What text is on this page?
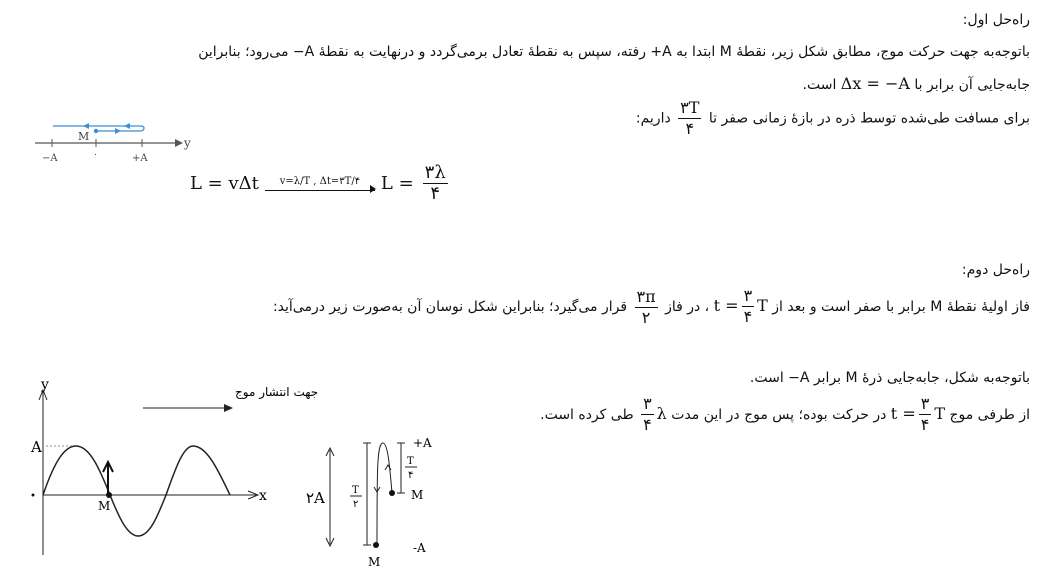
راه‌حل اول:
باتوجه‌به جهت حرکت موج، مطابق شکل زیر، نقطهٔ M ابتدا به A+ رفته، سپس به نقطهٔ تعادل برمی‌گردد و درنهایت به نقطهٔ A− می‌رود؛ بنابراین
جابه‌جایی آن برابر با Δx = −A است.
برای مسافت طی‌شده توسط ذره در بازهٔ زمانی صفر تا
$\frac{۳T}{۴}$
داریم:
M	y
−A	۰	+A
L = vΔt v=λ/T , Δt=۳T/۴ $L = \frac{۳\lambda}{۴}$
راه‌حل دوم:
فاز اولیهٔ نقطهٔ M برابر با صفر است و بعد از $t = \frac{۳}{۴}$ T ، در فاز
$\frac{۳\pi}{۲}$
قرار می‌گیرد؛ بنابراین شکل نوسان آن به‌صورت زیر درمی‌آید:
باتوجه‌به شکل، جابه‌جایی ذرهٔ M برابر A− است.
از طرفی موج $t = \frac{۳}{۴}$ T در حرکت بوده؛ پس موج در این مدت
$\frac{۳}{۴}$ λ طی کرده است.
y
x
A
M
جهت انتشار موج
۲A	T
۲
T
۴
+A
M
-A
M
